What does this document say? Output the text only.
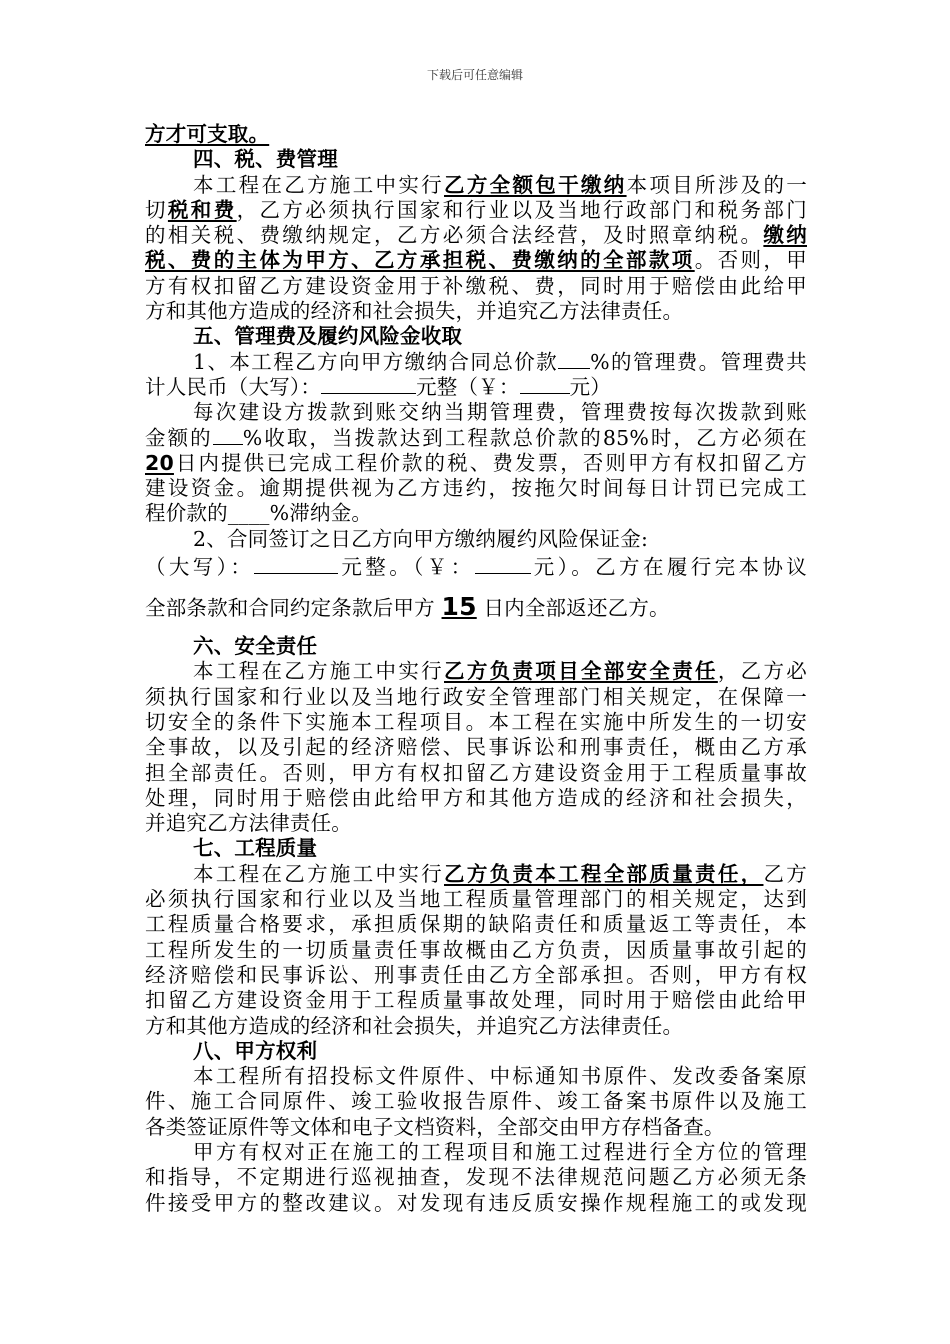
下载后可任意编辑
方才可支取。
四、税、费管理
本工程在乙方施工中实行乙方全额包干缴纳本项目所涉及的一
切税和费，乙方必须执行国家和行业以及当地行政部门和税务部门
的相关税、费缴纳规定，乙方必须合法经营，及时照章纳税。缴纳
税、费的主体为甲方、乙方承担税、费缴纳的全部款项。否则，甲
方有权扣留乙方建设资金用于补缴税、费，同时用于赔偿由此给甲
方和其他方造成的经济和社会损失，并追究乙方法律责任。
五、管理费及履约风险金收取
1、本工程乙方向甲方缴纳合同总价款 %的管理费。管理费共
计人民币（大写）：	元整（￥： 元）
每次建设方拨款到账交纳当期管理费，管理费按每次拨款到账
金额的 %收取，当拨款达到工程款总价款的85%时，乙方必须在
20日内提供已完成工程价款的税、费发票，否则甲方有权扣留乙方
建设资金。逾期提供视为乙方违约，按拖欠时间每日计罚已完成工
程价款的____%滞纳金。
2、合同签订之日乙方向甲方缴纳履约风险保证金:
（大写）：	元整。（￥：	元）。乙方在履行完本协议
全部条款和合同约定条款后甲方 15 日内全部返还乙方。
六、安全责任
本工程在乙方施工中实行乙方负责项目全部安全责任，乙方必
须执行国家和行业以及当地行政安全管理部门相关规定，在保障一
切安全的条件下实施本工程项目。本工程在实施中所发生的一切安
全事故，以及引起的经济赔偿、民事诉讼和刑事责任，概由乙方承
担全部责任。否则，甲方有权扣留乙方建设资金用于工程质量事故
处理，同时用于赔偿由此给甲方和其他方造成的经济和社会损失，
并追究乙方法律责任。
七、工程质量
本工程在乙方施工中实行乙方负责本工程全部质量责任，乙方
必须执行国家和行业以及当地工程质量管理部门的相关规定，达到
工程质量合格要求，承担质保期的缺陷责任和质量返工等责任，本
工程所发生的一切质量责任事故概由乙方负责，因质量事故引起的
经济赔偿和民事诉讼、刑事责任由乙方全部承担。否则，甲方有权
扣留乙方建设资金用于工程质量事故处理，同时用于赔偿由此给甲
方和其他方造成的经济和社会损失，并追究乙方法律责任。
八、甲方权利
本工程所有招投标文件原件、中标通知书原件、发改委备案原
件、施工合同原件、竣工验收报告原件、竣工备案书原件以及施工
各类签证原件等文体和电子文档资料，全部交由甲方存档备查。
甲方有权对正在施工的工程项目和施工过程进行全方位的管理
和指导，不定期进行巡视抽查，发现不法律规范问题乙方必须无条
件接受甲方的整改建议。对发现有违反质安操作规程施工的或发现
